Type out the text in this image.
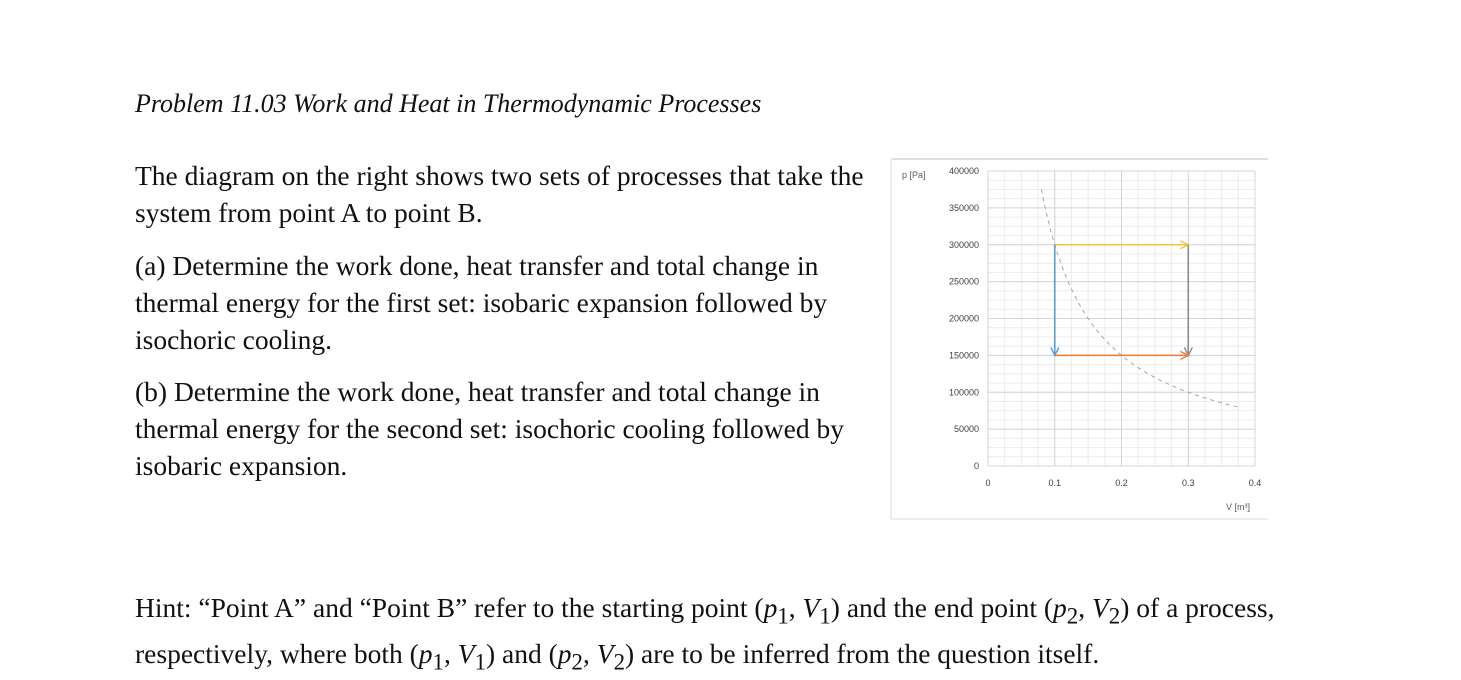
Problem 11.03 Work and Heat in Thermodynamic Processes
The diagram on the right shows two sets of processes that take the system from point A to point B.
(a) Determine the work done, heat transfer and total change in thermal energy for the first set: isobaric expansion followed by isochoric cooling.
(b) Determine the work done, heat transfer and total change in thermal energy for the second set: isochoric cooling followed by isobaric expansion.
0	0.1	0.2	0.3	0.4
0
50000
100000
150000
200000
250000
300000
350000
400000
p [Pa]
V [m³]
Hint: “Point A” and “Point B” refer to the starting point ($p_1$, $V_1$) and the end point ($p_2$, $V_2$) of a process, respectively, where both ($p_1$, $V_1$) and ($p_2$, $V_2$) are to be inferred from the question itself.
